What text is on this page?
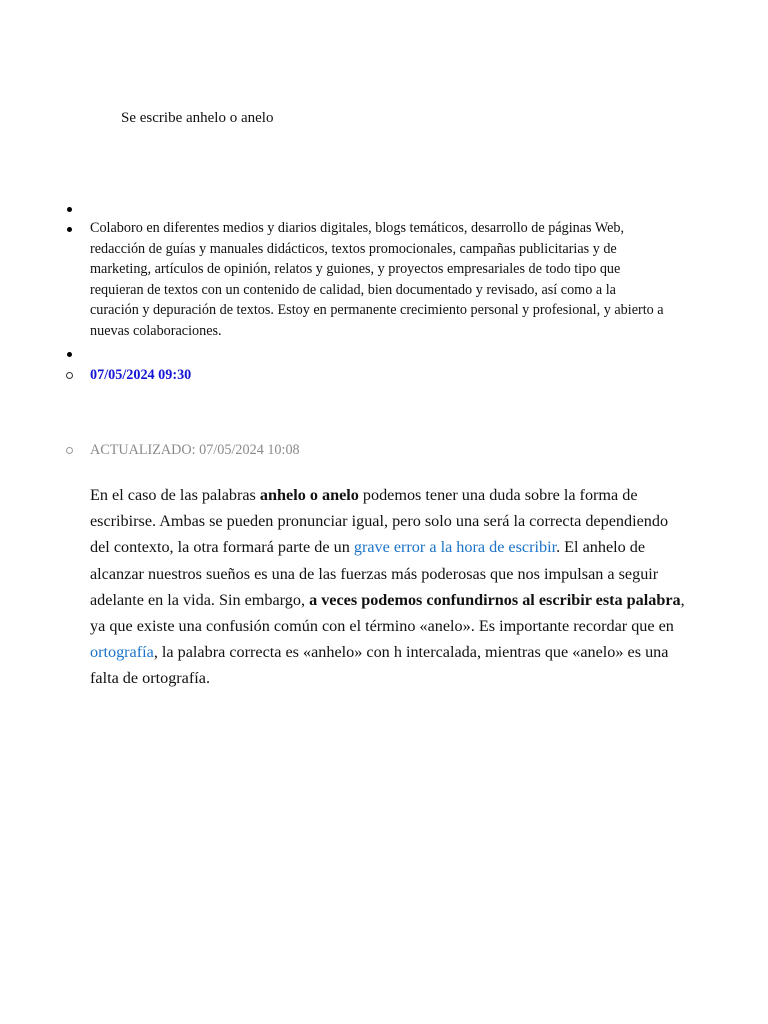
Se escribe anhelo o anelo
Colaboro en diferentes medios y diarios digitales, blogs temáticos, desarrollo de páginas Web, redacción de guías y manuales didácticos, textos promocionales, campañas publicitarias y de marketing, artículos de opinión, relatos y guiones, y proyectos empresariales de todo tipo que requieran de textos con un contenido de calidad, bien documentado y revisado, así como a la curación y depuración de textos. Estoy en permanente crecimiento personal y profesional, y abierto a nuevas colaboraciones.
07/05/2024 09:30
ACTUALIZADO: 07/05/2024 10:08

En el caso de las palabras anhelo o anelo podemos tener una duda sobre la forma de escribirse. Ambas se pueden pronunciar igual, pero solo una será la correcta dependiendo del contexto, la otra formará parte de un grave error a la hora de escribir. El anhelo de alcanzar nuestros sueños es una de las fuerzas más poderosas que nos impulsan a seguir adelante en la vida. Sin embargo, a veces podemos confundirnos al escribir esta palabra, ya que existe una confusión común con el término «anelo». Es importante recordar que en ortografía, la palabra correcta es «anhelo» con h intercalada, mientras que «anelo» es una falta de ortografía.
